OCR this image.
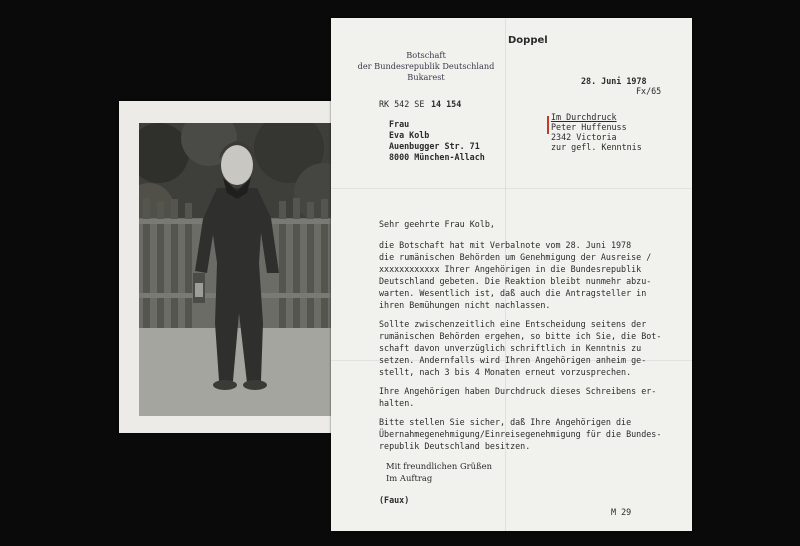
Doppel
Botschaft
der Bundesrepublik Deutschland
Bukarest	28. Juni 1978
Fx/65
RK 542 SE 14 154
Frau
Eva Kolb
Auenbugger Str. 71
8000 München-Allach
Im Durchdruck
Peter Huffenuss
2342 Victoria
zur gefl. Kenntnis
Sehr geehrte Frau Kolb,
die Botschaft hat mit Verbalnote vom 28. Juni 1978
die rumänischen Behörden um Genehmigung der Ausreise /
xxxxxxxxxxxx Ihrer Angehörigen in die Bundesrepublik
Deutschland gebeten. Die Reaktion bleibt nunmehr abzu-
warten. Wesentlich ist, daß auch die Antragsteller in
ihren Bemühungen nicht nachlassen.
Sollte zwischenzeitlich eine Entscheidung seitens der
rumänischen Behörden ergehen, so bitte ich Sie, die Bot-
schaft davon unverzüglich schriftlich in Kenntnis zu
setzen. Andernfalls wird Ihren Angehörigen anheim ge-
stellt, nach 3 bis 4 Monaten erneut vorzusprechen.
Ihre Angehörigen haben Durchdruck dieses Schreibens er-
halten.
Bitte stellen Sie sicher, daß Ihre Angehörigen die
Übernahmegenehmigung/Einreisegenehmigung für die Bundes-
republik Deutschland besitzen.
Mit freundlichen Grüßen
Im Auftrag
(Faux)
M 29
